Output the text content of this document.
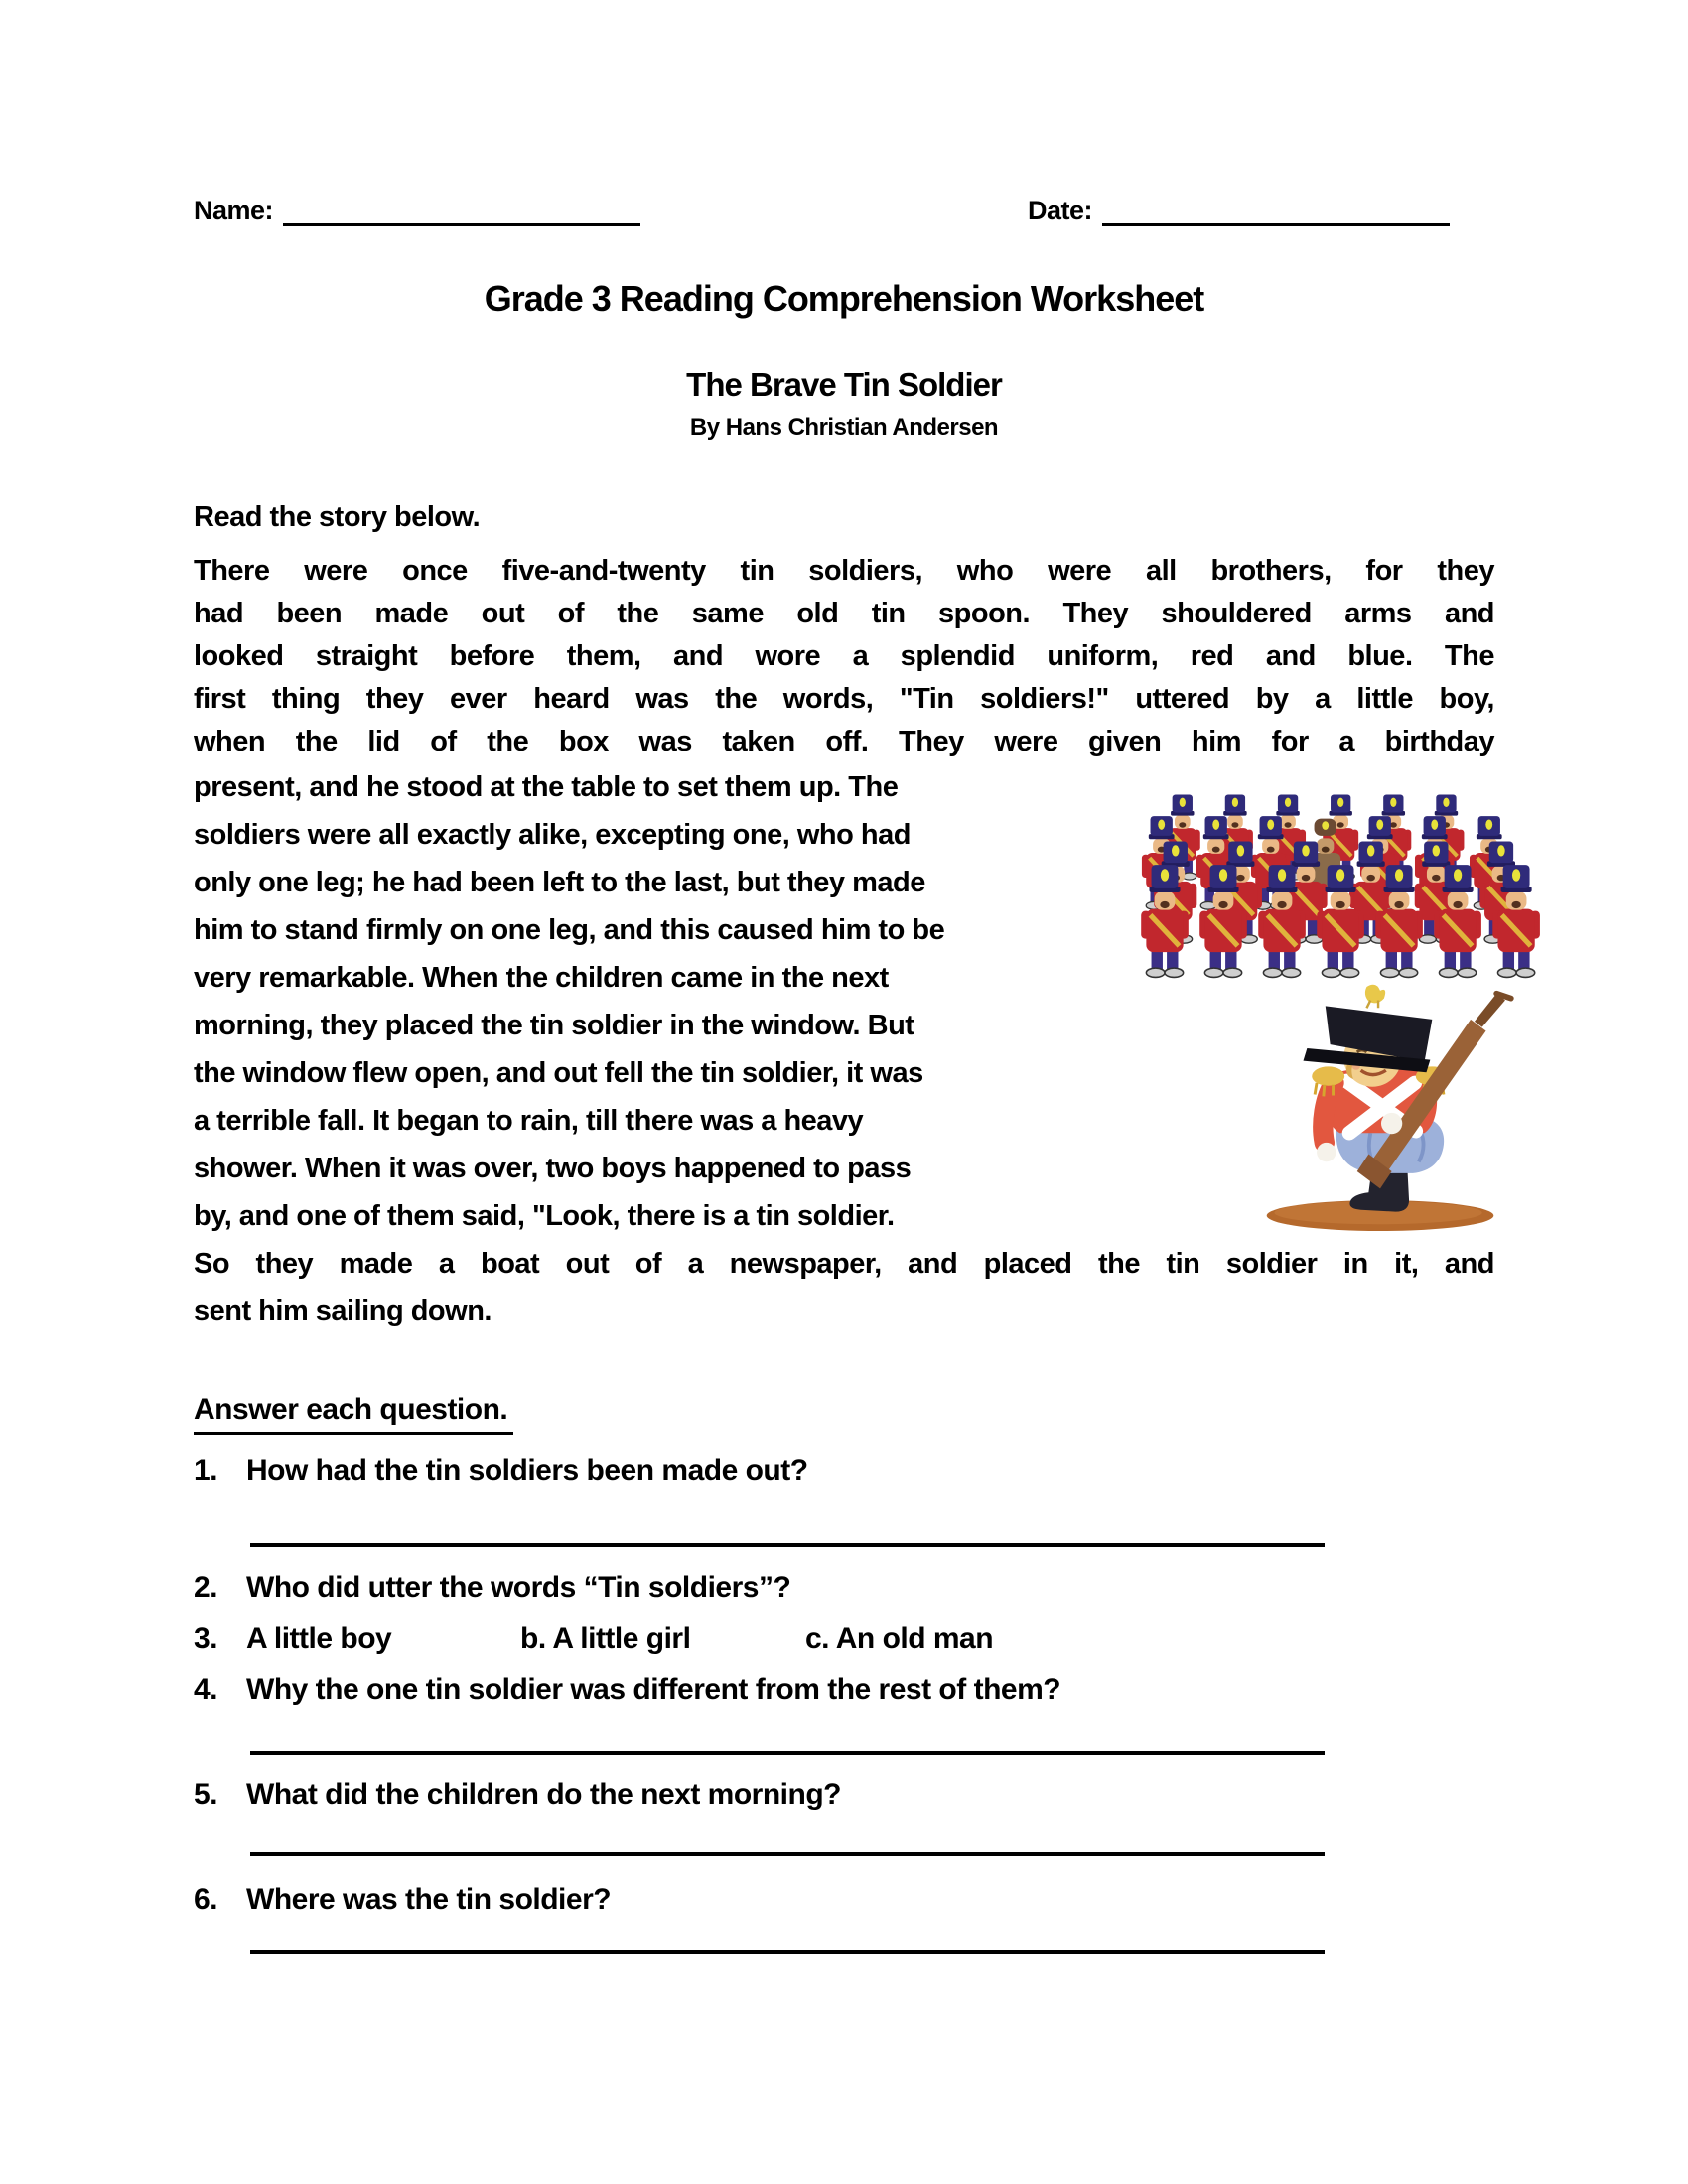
Name:	Date:
Grade 3 Reading Comprehension Worksheet
The Brave Tin Soldier
By Hans Christian Andersen
Read the story below.
There were once five-and-twenty tin soldiers, who were all brothers, for they
had been made out of the same old tin spoon. They shouldered arms and
looked straight before them, and wore a splendid uniform, red and blue. The
first thing they ever heard was the words, "Tin soldiers!" uttered by a little boy,
when the lid of the box was taken off. They were given him for a birthday
present, and he stood at the table to set them up. The
soldiers were all exactly alike, excepting one, who had
only one leg; he had been left to the last, but they made
him to stand firmly on one leg, and this caused him to be
very remarkable. When the children came in the next
morning, they placed the tin soldier in the window. But
the window flew open, and out fell the tin soldier, it was
a terrible fall. It began to rain, till there was a heavy
shower. When it was over, two boys happened to pass
by, and one of them said, "Look, there is a tin soldier.
So they made a boat out of a newspaper, and placed the tin soldier in it, and
sent him sailing down.
Answer each question.
1. How had the tin soldiers been made out?
2. Who did utter the words “Tin soldiers”?
3. A little boy	b. A little girl	c. An old man
4. Why the one tin soldier was different from the rest of them?
5. What did the children do the next morning?
6. Where was the tin soldier?
